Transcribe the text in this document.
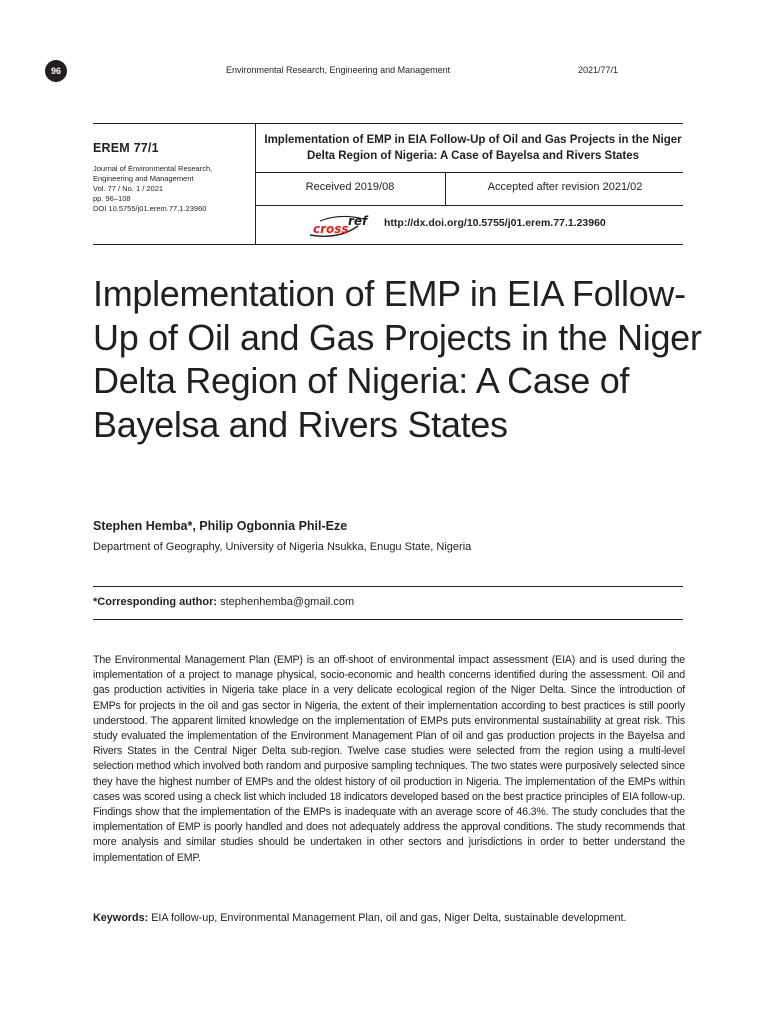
96	Environmental Research, Engineering and Management	2021/77/1
EREM 77/1
Journal of Environmental Research,
Engineering and Management
Vol. 77 / No. 1 / 2021
pp. 96–108
DOI 10.5755/j01.erem.77.1.23960
Implementation of EMP in EIA Follow-Up of Oil and Gas Projects in the Niger Delta Region of Nigeria: A Case of Bayelsa and Rivers States
Received 2019/08	Accepted after revision 2021/02
cross
ref http://dx.doi.org/10.5755/j01.erem.77.1.23960
Implementation of EMP in EIA Follow-Up of Oil and Gas Projects in the Niger Delta Region of Nigeria: A Case of Bayelsa and Rivers States
Stephen Hemba*, Philip Ogbonnia Phil-Eze
Department of Geography, University of Nigeria Nsukka, Enugu State, Nigeria
*Corresponding author: stephenhemba@gmail.com

The Environmental Management Plan (EMP) is an off-shoot of environmental impact assessment (EIA) and is used during the implementation of a project to manage physical, socio-economic and health concerns identified during the assessment. Oil and gas production activities in Nigeria take place in a very delicate ecological region of the Niger Delta. Since the introduction of EMPs for projects in the oil and gas sector in Nigeria, the extent of their implementation according to best practices is still poorly understood. The apparent limited knowledge on the implementation of EMPs puts environmental sustainability at great risk. This study evaluated the implementation of the Environment Management Plan of oil and gas production projects in the Bayelsa and Rivers States in the Central Niger Delta sub-region. Twelve case studies were selected from the region using a multi-level selection method which involved both random and purposive sampling techniques. The two states were purposively selected since they have the highest number of EMPs and the oldest history of oil production in Nigeria. The implementation of the EMPs within cases was scored using a check list which included 18 indicators developed based on the best practice principles of EIA follow-up. Findings show that the implementation of the EMPs is inadequate with an average score of 46.3%. The study concludes that the implementation of EMP is poorly handled and does not adequately address the approval conditions. The study recommends that more analysis and similar studies should be undertaken in other sectors and jurisdictions in order to better understand the implementation of EMP.

Keywords: EIA follow-up, Environmental Management Plan, oil and gas, Niger Delta, sustainable development.
